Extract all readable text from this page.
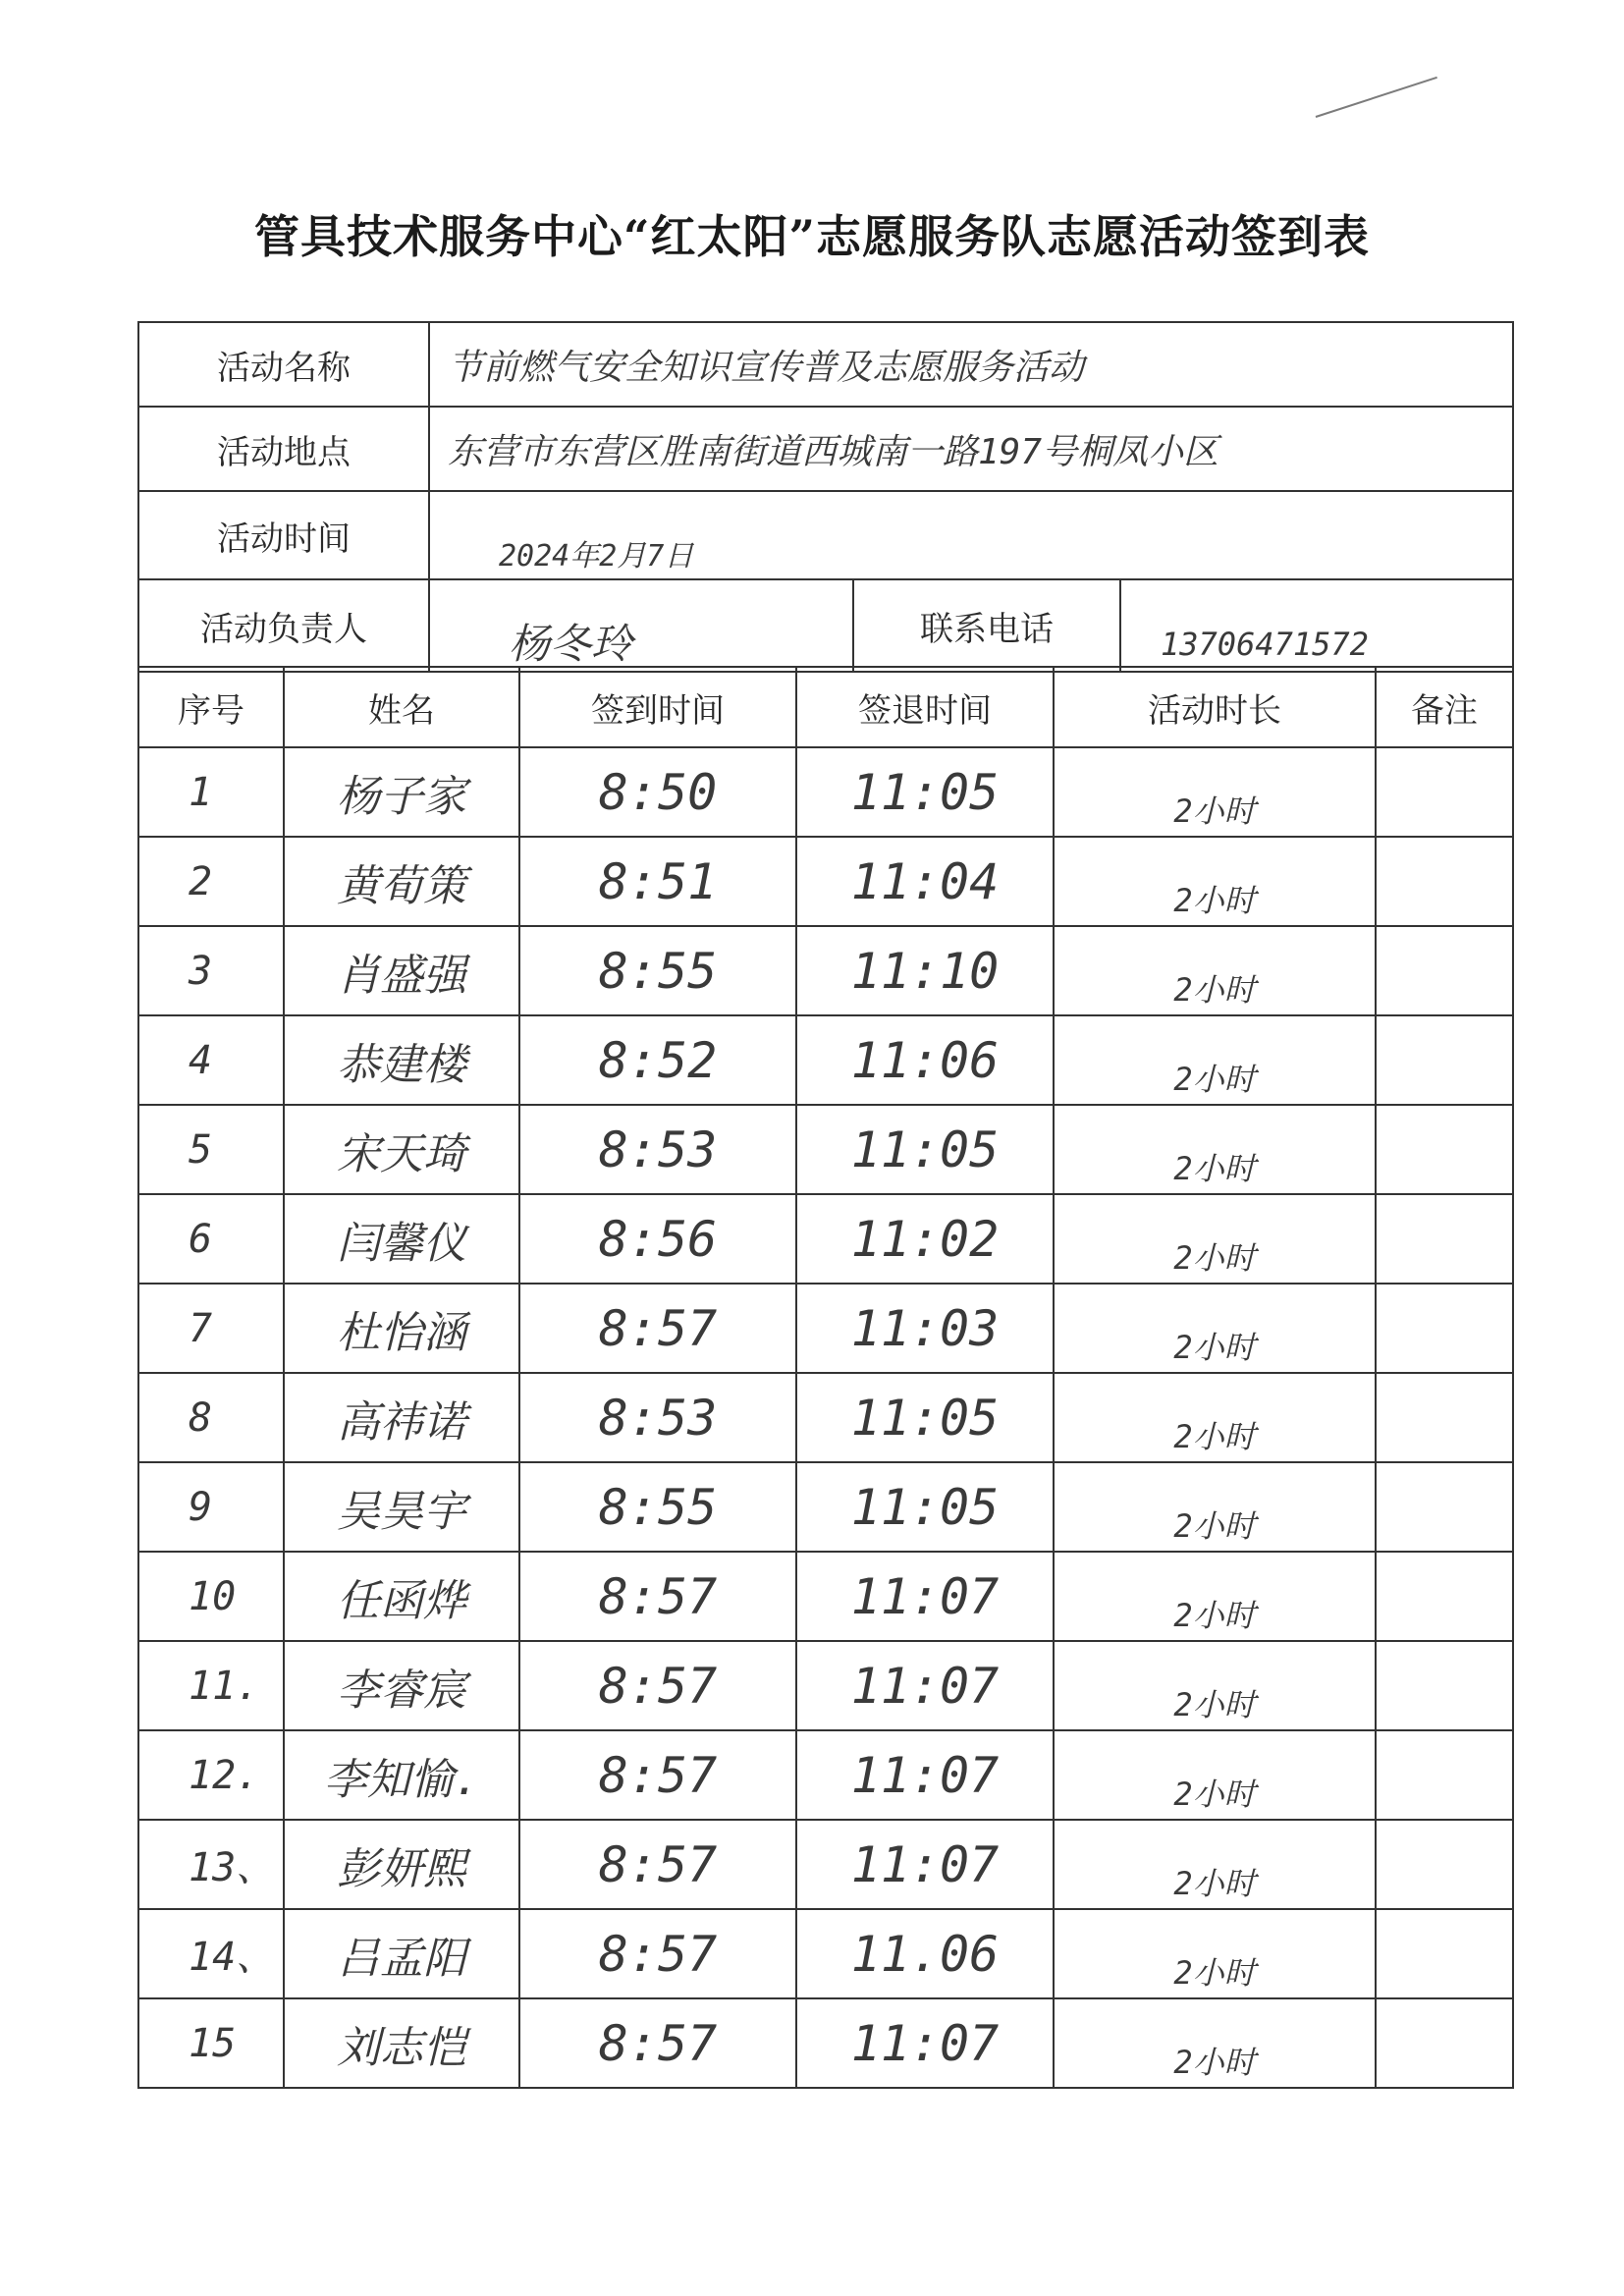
管具技术服务中心“红太阳”志愿服务队志愿活动签到表
活动名称	节前燃气安全知识宣传普及志愿服务活动		
活动地点	东营市东营区胜南街道西城南一路197号桐凤小区		
活动时间	2024年2月7日		
活动负责人	杨冬玲	联系电话	13706471572
序号	姓名	签到时间	签退时间	活动时长	备注
1	杨子家	8:50	11:05	2小时	
2	黄荀策	8:51	11:04	2小时	
3	肖盛强	8:55	11:10	2小时	
4	恭建楼	8:52	11:06	2小时	
5	宋天琦	8:53	11:05	2小时	
6	闫馨仪	8:56	11:02	2小时	
7	杜怡涵	8:57	11:03	2小时	
8	高祎诺	8:53	11:05	2小时	
9	吴昊宇	8:55	11:05	2小时	
10	任函烨	8:57	11:07	2小时	
11.	李睿宸	8:57	11:07	2小时	
12.	李知愉.	8:57	11:07	2小时	
13、	彭妍熙	8:57	11:07	2小时	
14、	吕孟阳	8:57	11.06	2小时	
15	刘志恺	8:57	11:07	2小时	
